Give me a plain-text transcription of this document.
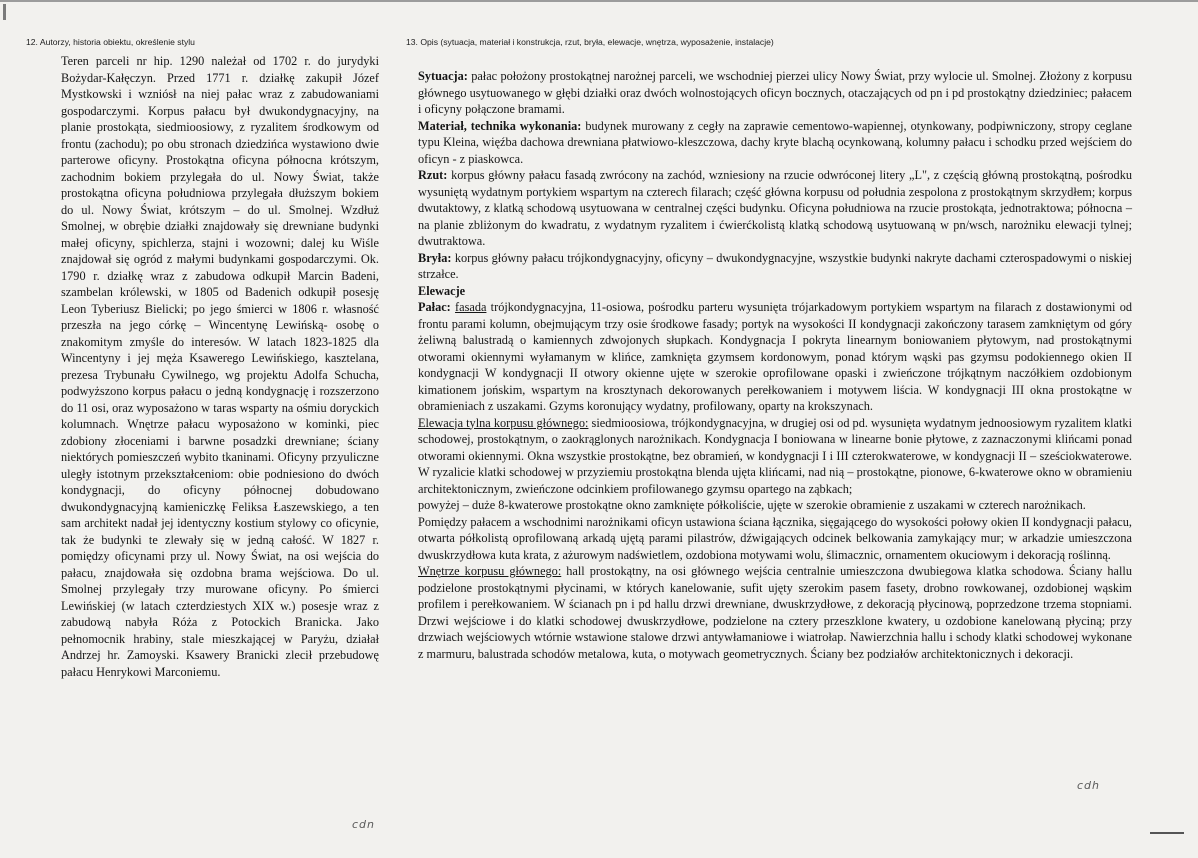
12. Autorzy, historia obiektu, określenie stylu	13. Opis (sytuacja, materiał i konstrukcja, rzut, bryła, elewacje, wnętrza, wyposażenie, instalacje)

Teren parceli nr hip. 1290 należał od 1702 r. do jurydyki Bożydar-Kałęczyn. Przed 1771 r. działkę zakupił Józef Mystkowski i wzniósł na niej pałac wraz z zabudowaniami gospodarczymi. Korpus pałacu był dwukondygnacyjny, na planie prostokąta, siedmioosiowy, z ryzalitem środkowym od frontu (zachodu); po obu stronach dziedzińca wystawiono dwie parterowe oficyny. Prostokątna oficyna północna krótszym, zachodnim bokiem przylegała do ul. Nowy Świat, także prostokątna oficyna południowa przylegała dłuższym bokiem do ul. Nowy Świat, krótszym – do ul. Smolnej. Wzdłuż Smolnej, w obrębie działki znajdowały się drewniane budynki małej oficyny, spichlerza, stajni i wozowni; dalej ku Wiśle znajdował się ogród z małymi budynkami gospodarczymi. Ok. 1790 r. działkę wraz z zabudowa odkupił Marcin Badeni, szambelan królewski, w 1805 od Badenich odkupił posesję Leon Tyberiusz Bielicki; po jego śmierci w 1806 r. własność przeszła na jego córkę – Wincentynę Lewińską- osobę o znakomitym zmyśle do interesów. W latach 1823-1825 dla Wincentyny i jej męża Ksawerego Lewińskiego, kasztelana, prezesa Trybunału Cywilnego, wg projektu Adolfa Schucha, podwyższono korpus pałacu o jedną kondygnację i rozszerzono do 11 osi, oraz wyposażono w taras wsparty na ośmiu doryckich kolumnach. Wnętrze pałacu wyposażono w kominki, piec zdobiony złoceniami i barwne posadzki drewniane; ściany niektórych pomieszczeń wybito tkaninami. Oficyny przyuliczne uległy istotnym przekształceniom: obie podniesiono do dwóch kondygnacji, do oficyny północnej dobudowano dwukondygnacyjną kamieniczkę Feliksa Łaszewskiego, a ten sam architekt nadał jej identyczny kostium stylowy co oficynie, tak że budynki te zlewały się w jedną całość. W 1827 r. pomiędzy oficynami przy ul. Nowy Świat, na osi wejścia do pałacu, znajdowała się ozdobna brama wejściowa. Do ul. Smolnej przylegały trzy murowane oficyny. Po śmierci Lewińskiej (w latach czterdziestych XIX w.) posesje wraz z zabudową nabyła Róża z Potockich Branicka. Jako pełnomocnik hrabiny, stale mieszkającej w Paryżu, działał Andrzej hr. Zamoyski. Ksawery Branicki zlecił przebudowę pałacu Henrykowi Marconiemu.

Sytuacja: pałac położony prostokątnej narożnej parceli, we wschodniej pierzei ulicy Nowy Świat, przy wylocie ul. Smolnej. Złożony z korpusu głównego usytuowanego w głębi działki oraz dwóch wolnostojących oficyn bocznych, otaczających od pn i pd prostokątny dziedziniec; pałacem i oficyny połączone bramami.

Materiał, technika wykonania: budynek murowany z cegły na zaprawie cementowo-wapiennej, otynkowany, podpiwniczony, stropy ceglane typu Kleina, więźba dachowa drewniana płatwiowo-kleszczowa, dachy kryte blachą ocynkowaną, kolumny pałacu i schodku przed wejściem do oficyn - z piaskowca.

Rzut: korpus główny pałacu fasadą zwrócony na zachód, wzniesiony na rzucie odwróconej litery „L", z częścią główną prostokątną, pośrodku wysuniętą wydatnym portykiem wspartym na czterech filarach; część główna korpusu od południa zespolona z prostokątnym skrzydłem; korpus dwutaktowy, z klatką schodową usytuowana w centralnej części budynku. Oficyna południowa na rzucie prostokąta, jednotraktowa; północna – na planie zbliżonym do kwadratu, z wydatnym ryzalitem i ćwierćkolistą klatką schodową usytuowaną w pn/wsch, narożniku elewacji tylnej; dwutraktowa.

Bryła: korpus główny pałacu trójkondygnacyjny, oficyny – dwukondygnacyjne, wszystkie budynki nakryte dachami czterospadowymi o niskiej strzałce.

Elewacje

Pałac: fasada trójkondygnacyjna, 11-osiowa, pośrodku parteru wysunięta trójarkadowym portykiem wspartym na filarach z dostawionymi od frontu parami kolumn, obejmującym trzy osie środkowe fasady; portyk na wysokości II kondygnacji zakończony tarasem zamkniętym od góry żeliwną balustradą o kamiennych zdwojonych słupkach. Kondygnacja I pokryta linearnym boniowaniem płytowym, nad prostokątnymi otworami okiennymi wyłamanym w klińce, zamknięta gzymsem kordonowym, ponad którym wąski pas gzymsu podokiennego okien II kondygnacji W kondygnacji II otwory okienne ujęte w szerokie oprofilowane opaski i zwieńczone trójkątnym naczółkiem ozdobionym kimationem jońskim, wspartym na krosztynach dekorowanych perełkowaniem i motywem liścia. W kondygnacji III okna prostokątne w obramieniach z uszakami. Gzyms koronujący wydatny, profilowany, oparty na krokszynach.

Elewacja tylna korpusu głównego: siedmioosiowa, trójkondygnacyjna, w drugiej osi od pd. wysunięta wydatnym jednoosiowym ryzalitem klatki schodowej, prostokątnym, o zaokrąglonych narożnikach. Kondygnacja I boniowana w linearne bonie płytowe, z zaznaczonymi klińcami ponad otworami okiennymi. Okna wszystkie prostokątne, bez obramień, w kondygnacji I i III czterokwaterowe, w kondygnacji II – sześciokwaterowe. W ryzalicie klatki schodowej w przyziemiu prostokątna blenda ujęta klińcami, nad nią – prostokątne, pionowe, 6-kwaterowe okno w obramieniu architektonicznym, zwieńczone odcinkiem profilowanego gzymsu opartego na ząbkach;

powyżej – duże 8-kwaterowe prostokątne okno zamknięte półkoliście, ujęte w szerokie obramienie z uszakami w czterech narożnikach.

Pomiędzy pałacem a wschodnimi narożnikami oficyn ustawiona ściana łącznika, sięgającego do wysokości połowy okien II kondygnacji pałacu, otwarta półkolistą oprofilowaną arkadą ujętą parami pilastrów, dźwigających odcinek belkowania zamykający mur; w arkadzie umieszczona dwuskrzydłowa kuta krata, z ażurowym nadświetlem, ozdobiona motywami wolu, ślimacznic, ornamentem okuciowym i dekoracją roślinną.

Wnętrze korpusu głównego: hall prostokątny, na osi głównego wejścia centralnie umieszczona dwubiegowa klatka schodowa. Ściany hallu podzielone prostokątnymi płycinami, w których kanelowanie, sufit ujęty szerokim pasem fasety, drobno rowkowanej, ozdobionej wąskim profilem i perełkowaniem. W ścianach pn i pd hallu drzwi drewniane, dwuskrzydłowe, z dekoracją płycinową, poprzedzone trzema stopniami. Drzwi wejściowe i do klatki schodowej dwuskrzydłowe, podzielone na cztery przeszklone kwatery, u ozdobione kanelowaną płyciną; przy drzwiach wejściowych wtórnie wstawione stalowe drzwi antywłamaniowe i wiatrołap. Nawierzchnia hallu i schody klatki schodowej wykonane z marmuru, balustrada schodów metalowa, kuta, o motywach geometrycznych. Ściany bez podziałów architektonicznych i dekoracji.

cdn
cdh
